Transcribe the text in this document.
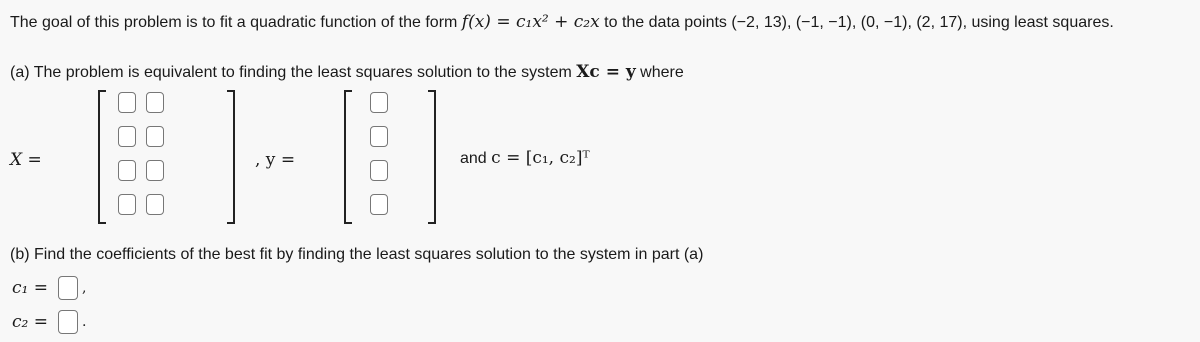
The goal of this problem is to fit a quadratic function of the form f(x) = c₁x² + c₂x to the data points (−2, 13), (−1, −1), (0, −1), (2, 17), using least squares.
(a) The problem is equivalent to finding the least squares solution to the system Xc = y where
X =	, y =	and c = [c₁, c₂]ᵀ
(b) Find the coefficients of the best fit by finding the least squares solution to the system in part (a)
c₁ = ,
c₂ = .
